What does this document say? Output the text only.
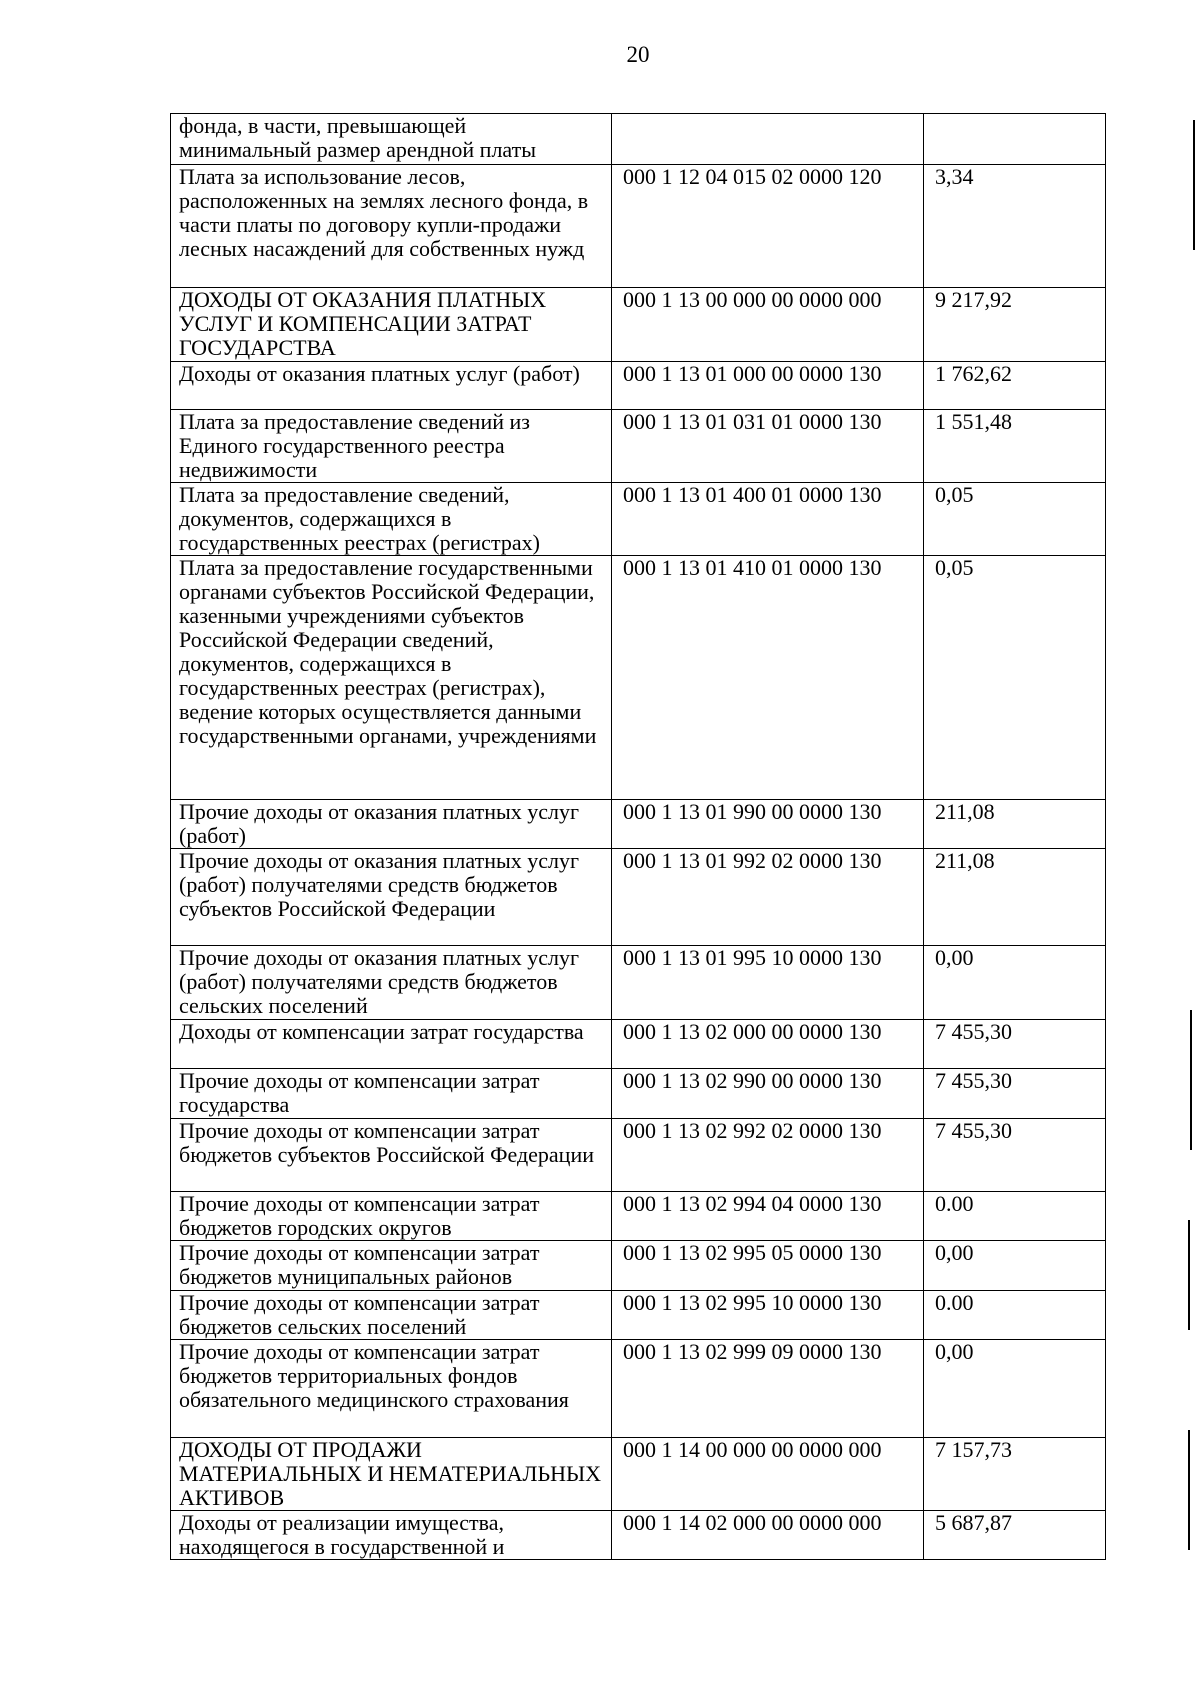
20
фонда, в части, превышающей минимальный размер арендной платы		
Плата за использование лесов, расположенных на землях лесного фонда, в части платы по договору купли-продажи лесных насаждений для собственных нужд	000 1 12 04 015 02 0000 120	3,34
ДОХОДЫ ОТ ОКАЗАНИЯ ПЛАТНЫХ УСЛУГ И КОМПЕНСАЦИИ ЗАТРАТ ГОСУДАРСТВА	000 1 13 00 000 00 0000 000	9 217,92
Доходы от оказания платных услуг (работ)	000 1 13 01 000 00 0000 130	1 762,62
Плата за предоставление сведений из Единого государственного реестра недвижимости	000 1 13 01 031 01 0000 130	1 551,48
Плата за предоставление сведений, документов, содержащихся в государственных реестрах (регистрах)	000 1 13 01 400 01 0000 130	0,05
Плата за предоставление государственными органами субъектов Российской Федерации, казенными учреждениями субъектов Российской Федерации сведений, документов, содержащихся в государственных реестрах (регистрах), ведение которых осуществляется данными государственными органами, учреждениями	000 1 13 01 410 01 0000 130	0,05
Прочие доходы от оказания платных услуг (работ)	000 1 13 01 990 00 0000 130	211,08
Прочие доходы от оказания платных услуг (работ) получателями средств бюджетов субъектов Российской Федерации	000 1 13 01 992 02 0000 130	211,08
Прочие доходы от оказания платных услуг (работ) получателями средств бюджетов сельских поселений	000 1 13 01 995 10 0000 130	0,00
Доходы от компенсации затрат государства	000 1 13 02 000 00 0000 130	7 455,30
Прочие доходы от компенсации затрат государства	000 1 13 02 990 00 0000 130	7 455,30
Прочие доходы от компенсации затрат бюджетов субъектов Российской Федерации	000 1 13 02 992 02 0000 130	7 455,30
Прочие доходы от компенсации затрат бюджетов городских округов	000 1 13 02 994 04 0000 130	0.00
Прочие доходы от компенсации затрат бюджетов муниципальных районов	000 1 13 02 995 05 0000 130	0,00
Прочие доходы от компенсации затрат бюджетов сельских поселений	000 1 13 02 995 10 0000 130	0.00
Прочие доходы от компенсации затрат бюджетов территориальных фондов обязательного медицинского страхования	000 1 13 02 999 09 0000 130	0,00
ДОХОДЫ ОТ ПРОДАЖИ МАТЕРИАЛЬНЫХ И НЕМАТЕРИАЛЬНЫХ АКТИВОВ	000 1 14 00 000 00 0000 000	7 157,73
Доходы от реализации имущества, находящегося в государственной и	000 1 14 02 000 00 0000 000	5 687,87
